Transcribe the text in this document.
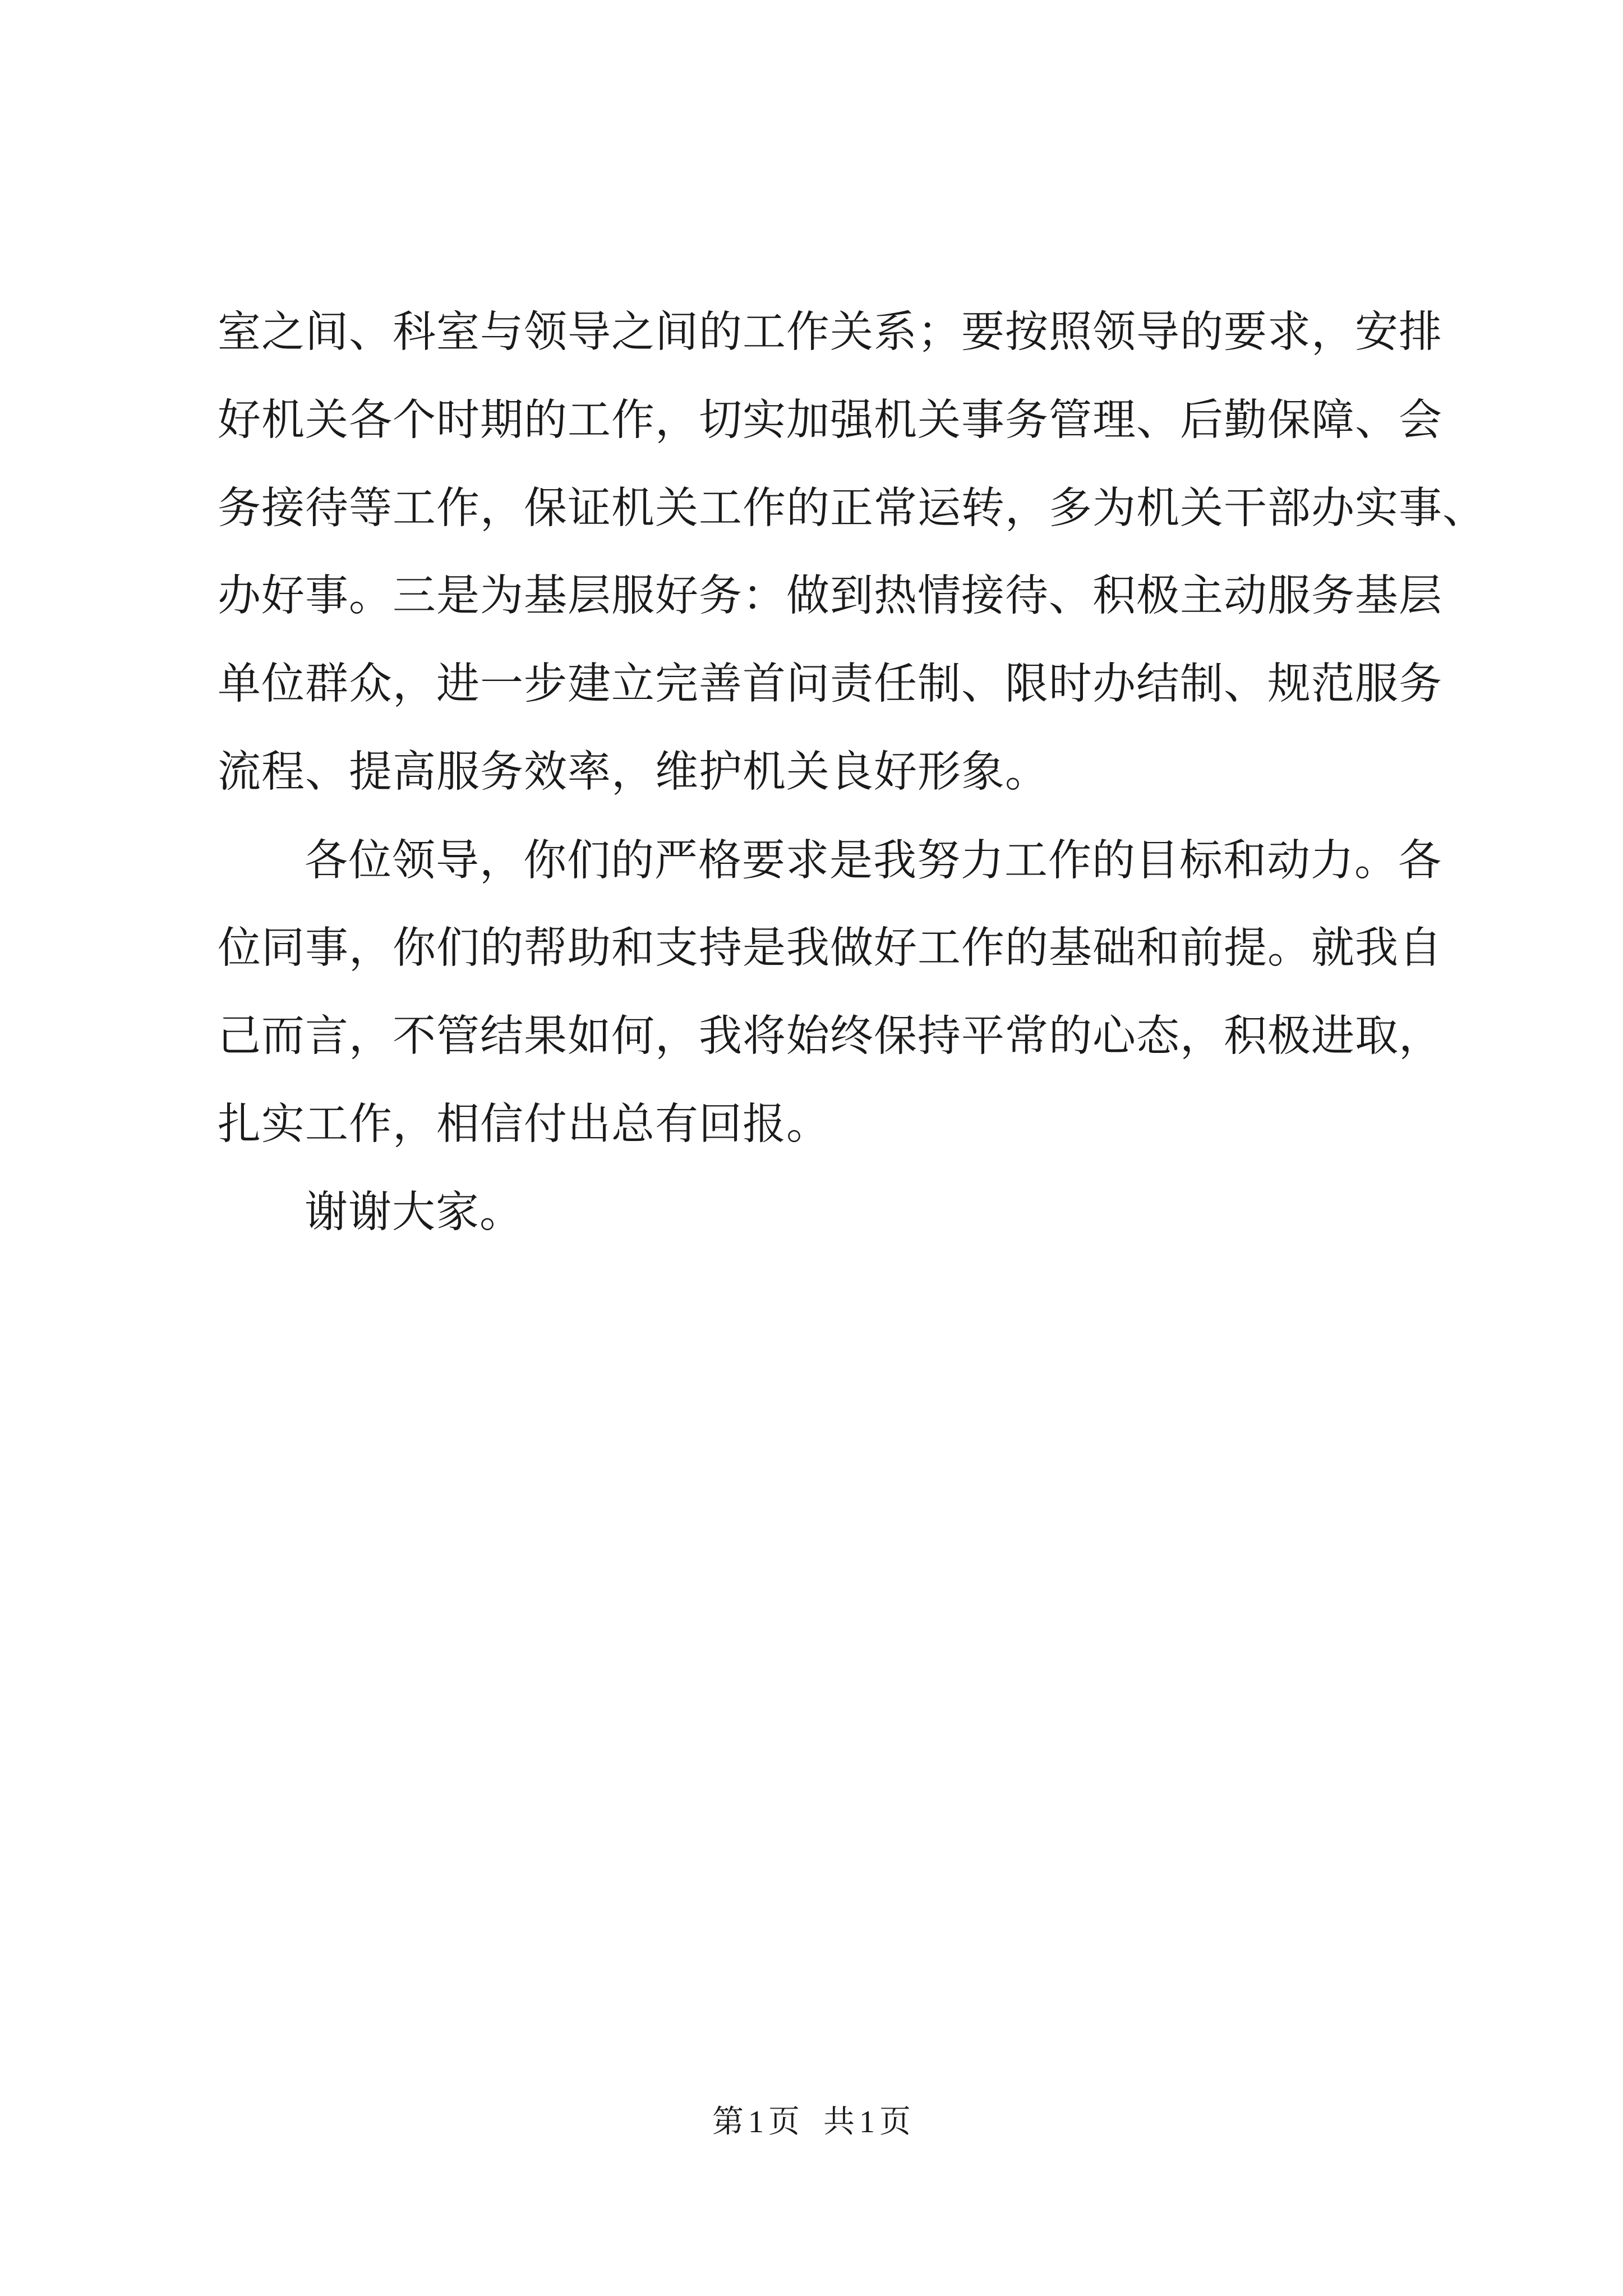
室之间、科室与领导之间的工作关系；要按照领导的要求，安排
好机关各个时期的工作，切实加强机关事务管理、后勤保障、会
务接待等工作，保证机关工作的正常运转，多为机关干部办实事、
办好事。三是为基层服好务：做到热情接待、积极主动服务基层
单位群众，进一步建立完善首问责任制、限时办结制、规范服务
流程、提高服务效率，维护机关良好形象。
各位领导，你们的严格要求是我努力工作的目标和动力。各
位同事，你们的帮助和支持是我做好工作的基础和前提。就我自
己而言，不管结果如何，我将始终保持平常的心态，积极进取，
扎实工作，相信付出总有回报。
谢谢大家。
第 1 页 共 1 页
